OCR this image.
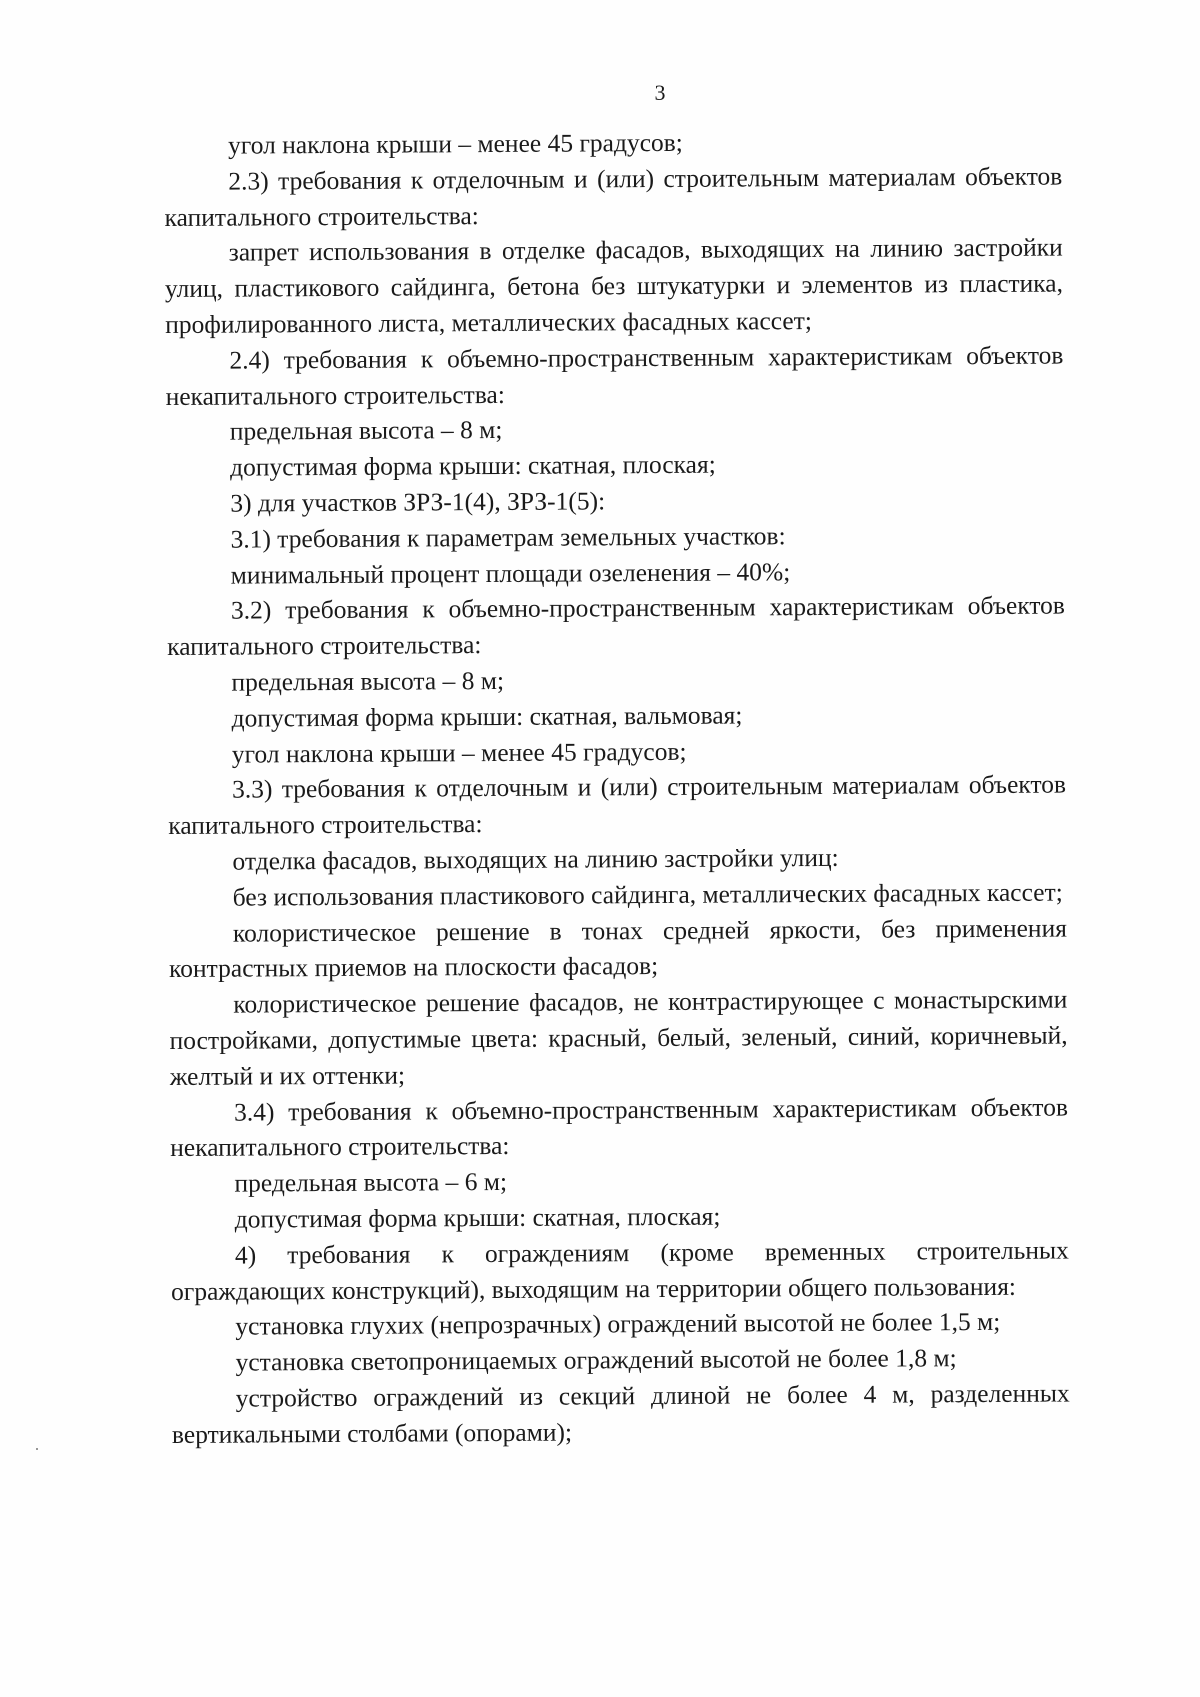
3

угол наклона крыши – менее 45 градусов;

2.3) требования к отделочным и (или) строительным материалам объектов капитального строительства:

запрет использования в отделке фасадов, выходящих на линию застройки улиц, пластикового сайдинга, бетона без штукатурки и элементов из пластика, профилированного листа, металлических фасадных кассет;

2.4) требования к объемно-пространственным характеристикам объектов некапитального строительства:

предельная высота – 8 м;

допустимая форма крыши: скатная, плоская;

3) для участков ЗРЗ-1(4), ЗРЗ-1(5):

3.1) требования к параметрам земельных участков:

минимальный процент площади озеленения – 40%;

3.2) требования к объемно-пространственным характеристикам объектов капитального строительства:

предельная высота – 8 м;

допустимая форма крыши: скатная, вальмовая;

угол наклона крыши – менее 45 градусов;

3.3) требования к отделочным и (или) строительным материалам объектов капитального строительства:

отделка фасадов, выходящих на линию застройки улиц:

без использования пластикового сайдинга, металлических фасадных кассет;

колористическое решение в тонах средней яркости, без применения контрастных приемов на плоскости фасадов;

колористическое решение фасадов, не контрастирующее с монастырскими постройками, допустимые цвета: красный, белый, зеленый, синий, коричневый, желтый и их оттенки;

3.4) требования к объемно-пространственным характеристикам объектов некапитального строительства:

предельная высота – 6 м;

допустимая форма крыши: скатная, плоская;

4) требования к ограждениям (кроме временных строительных ограждающих конструкций), выходящим на территории общего пользования:

установка глухих (непрозрачных) ограждений высотой не более 1,5 м;

установка светопроницаемых ограждений высотой не более 1,8 м;

устройство ограждений из секций длиной не более 4 м, разделенных вертикальными столбами (опорами);
